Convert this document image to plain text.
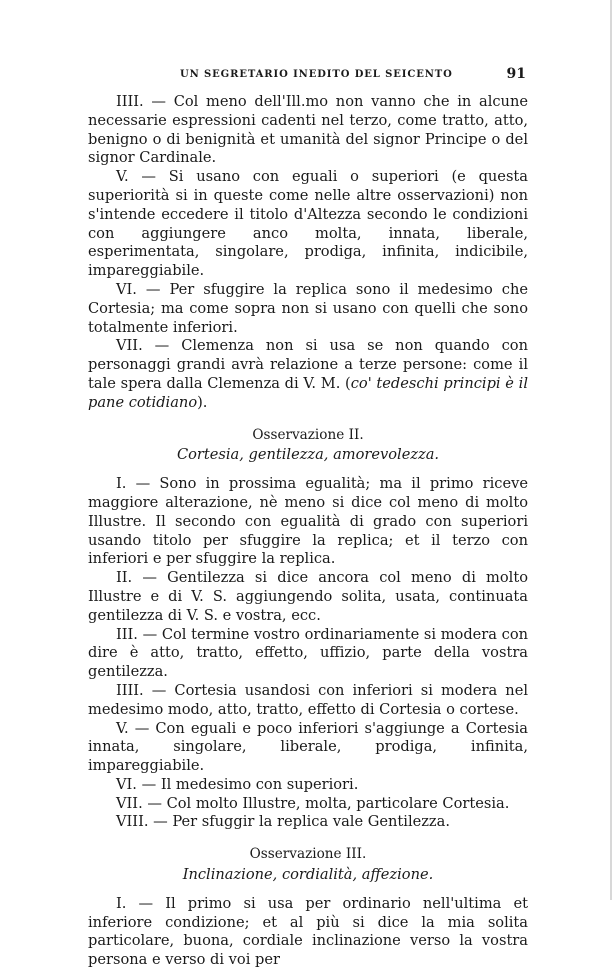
UN SEGRETARIO INEDITO DEL SEICENTO	91

IIII. — Col meno dell'Ill.mo non vanno che in alcune necessarie espressioni cadenti nel terzo, come tratto, atto, benigno o di benignità et umanità del signor Principe o del signor Cardinale.

V. — Si usano con eguali o superiori (e questa superiorità si in queste come nelle altre osservazioni) non s'intende eccedere il titolo d'Altezza secondo le condizioni con aggiungere anco molta, innata, liberale, esperimentata, singolare, prodiga, infinita, indicibile, impareggiabile.

VI. — Per sfuggire la replica sono il medesimo che Cortesia; ma come sopra non si usano con quelli che sono totalmente inferiori.

VII. — Clemenza non si usa se non quando con personaggi grandi avrà relazione a terze persone: come il tale spera dalla Clemenza di V. M. (co' tedeschi principi è il pane cotidiano).

Osservazione II.
Cortesia, gentilezza, amorevolezza.

I. — Sono in prossima egualità; ma il primo riceve maggiore alterazione, nè meno si dice col meno di molto Illustre. Il secondo con egualità di grado con superiori usando titolo per sfuggire la replica; et il terzo con inferiori e per sfuggire la replica.

II. — Gentilezza si dice ancora col meno di molto Illustre e di V. S. aggiungendo solita, usata, continuata gentilezza di V. S. e vostra, ecc.

III. — Col termine vostro ordinariamente si modera con dire è atto, tratto, effetto, uffizio, parte della vostra gentilezza.

IIII. — Cortesia usandosi con inferiori si modera nel medesimo modo, atto, tratto, effetto di Cortesia o cortese.

V. — Con eguali e poco inferiori s'aggiunge a Cortesia innata, singolare, liberale, prodiga, infinita, impareggiabile.

VI. — Il medesimo con superiori.

VII. — Col molto Illustre, molta, particolare Cortesia.

VIII. — Per sfuggir la replica vale Gentilezza.

Osservazione III.
Inclinazione, cordialità, affezione.

I. — Il primo si usa per ordinario nell'ultima et inferiore condizione; et al più si dice la mia solita particolare, buona, cordiale inclinazione verso la vostra persona e verso di voi per
